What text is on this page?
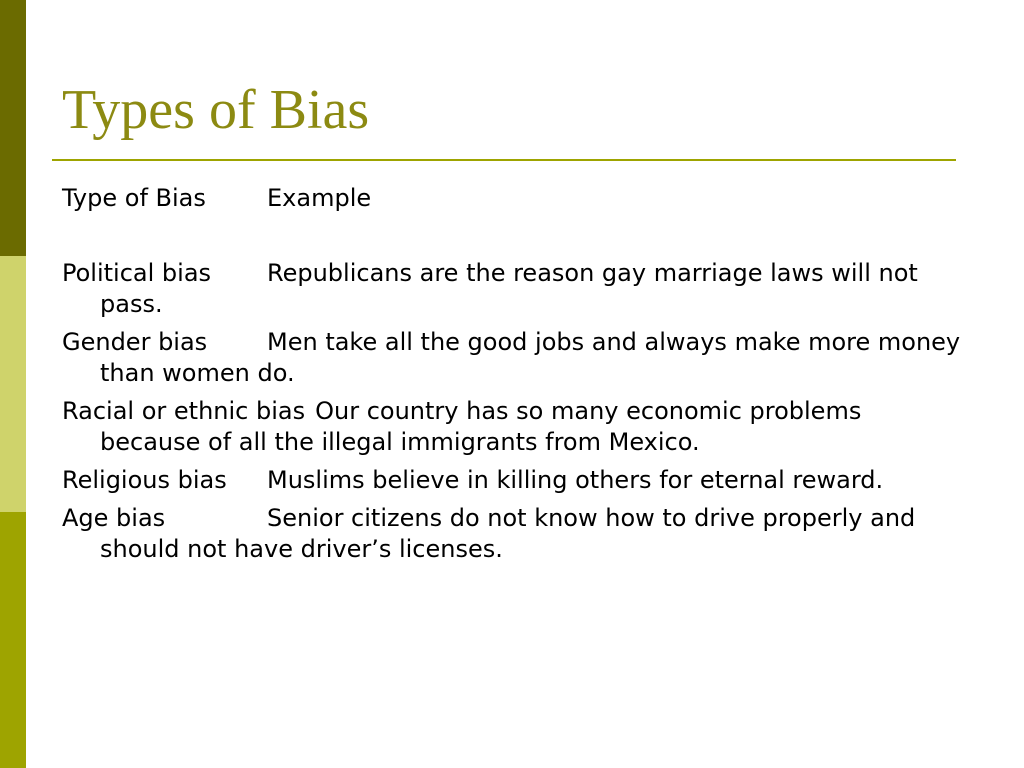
Types of Bias

Type of Bias	Example

Political bias Republicans are the reason gay marriage laws will not pass.

Gender bias Men take all the good jobs and always make more money than women do.

Racial or ethnic bias Our country has so many economic problems because of all the illegal immigrants from Mexico.

Religious bias Muslims believe in killing others for eternal reward.

Age bias	Senior citizens do not know how to drive properly and should not have driver’s licenses.
